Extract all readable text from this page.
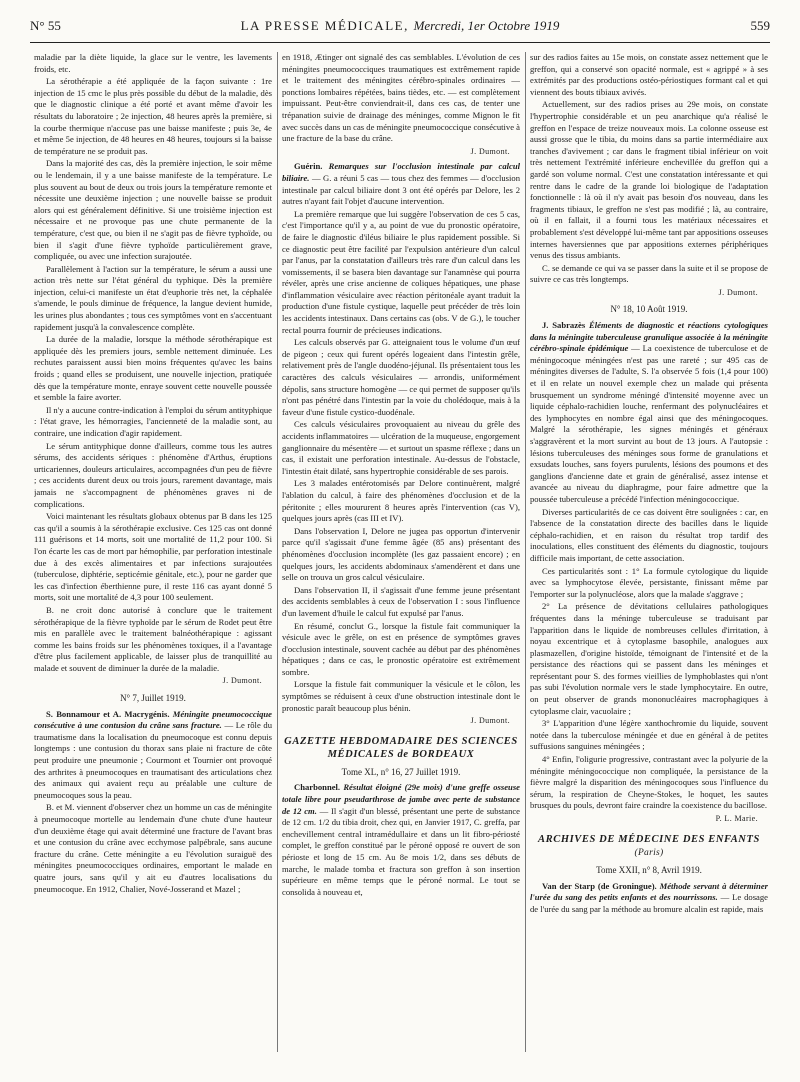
N° 55	LA PRESSE MÉDICALE, Mercredi, 1er Octobre 1919	559

maladie par la diète liquide, la glace sur le ventre, les lavements froids, etc.

La sérothérapie a été appliquée de la façon suivante : 1re injection de 15 cmc le plus près possible du début de la maladie, dès que le diagnostic clinique a été porté et avant même d'avoir les résultats du laboratoire ; 2e injection, 48 heures après la première, si la courbe thermique n'accuse pas une baisse manifeste ; puis 3e, 4e et même 5e injection, de 48 heures en 48 heures, toujours si la baisse de température ne se produit pas.

Dans la majorité des cas, dès la première injection, le soir même ou le lendemain, il y a une baisse manifeste de la température. Le plus souvent au bout de deux ou trois jours la température remonte et nécessite une deuxième injection ; une nouvelle baisse se produit alors qui est généralement définitive. Si une troisième injection est nécessaire et ne provoque pas une chute permanente de la température, c'est que, ou bien il ne s'agit pas de fièvre typhoïde, ou bien il s'agit d'une fièvre typhoïde particulièrement grave, compliquée, ou avec une infection surajoutée.

Parallèlement à l'action sur la température, le sérum a aussi une action très nette sur l'état général du typhique. Dès la première injection, celui-ci manifeste un état d'euphorie très net, la céphalée s'amende, le pouls diminue de fréquence, la langue devient humide, les urines plus abondantes ; tous ces symptômes vont en s'accentuant rapidement jusqu'à la convalescence complète.

La durée de la maladie, lorsque la méthode sérothérapique est appliquée dès les premiers jours, semble nettement diminuée. Les rechutes paraissent aussi bien moins fréquentes qu'avec les bains froids ; quand elles se produisent, une nouvelle injection, pratiquée dès que la température monte, enraye souvent cette nouvelle poussée et semble la faire avorter.

Il n'y a aucune contre-indication à l'emploi du sérum antityphique : l'état grave, les hémorragies, l'ancienneté de la maladie sont, au contraire, une indication d'agir rapidement.

Le sérum antityphique donne d'ailleurs, comme tous les autres sérums, des accidents sériques : phénomène d'Arthus, éruptions urticariennes, douleurs articulaires, accompagnées d'un peu de fièvre ; ces accidents durent deux ou trois jours, rarement davantage, mais jamais ne s'accompagnent de phénomènes graves ni de complications.

Voici maintenant les résultats globaux obtenus par B dans les 125 cas qu'il a soumis à la sérothérapie exclusive. Ces 125 cas ont donné 111 guérisons et 14 morts, soit une mortalité de 11,2 pour 100. Si l'on écarte les cas de mort par hémophilie, par perforation intestinale due à des excès alimentaires et par infections surajoutées (tuberculose, diphtérie, septicémie génitale, etc.), pour ne garder que les cas d'infection éberthienne pure, il reste 116 cas ayant donné 5 morts, soit une mortalité de 4,3 pour 100 seulement.

B. ne croit donc autorisé à conclure que le traitement sérothérapique de la fièvre typhoïde par le sérum de Rodet peut être mis en parallèle avec le traitement balnéothérapique : agissant comme les bains froids sur les phénomènes toxiques, il a l'avantage d'être plus facilement applicable, de laisser plus de tranquillité au malade et souvent de diminuer la durée de la maladie.

J. Dumont.
N° 7, Juillet 1919.

S. Bonnamour et A. Macrygénis. Méningite pneumococcique consécutive à une contusion du crâne sans fracture. — Le rôle du traumatisme dans la localisation du pneumocoque est connu depuis longtemps : une contusion du thorax sans plaie ni fracture de côte peut produire une pneumonie ; Courmont et Tournier ont provoqué des arthrites à pneumocoques en traumatisant des articulations chez des animaux qui avaient reçu au préalable une culture de pneumocoques sous la peau.

B. et M. viennent d'observer chez un homme un cas de méningite à pneumocoque mortelle au lendemain d'une chute d'une hauteur d'un deuxième étage qui avait déterminé une fracture de l'avant bras et une contusion du crâne avec ecchymose palpébrale, sans aucune fracture du crâne. Cette méningite a eu l'évolution suraiguë des méningites pneumococciques ordinaires, emportant le malade en quatre jours, sans qu'il y ait eu d'autres localisations du pneumocoque. En 1912, Chalier, Nové-Josserand et Mazel ;

en 1918, Ætinger ont signalé des cas semblables. L'évolution de ces méningites pneumococciques traumatiques est extrêmement rapide et le traitement des méningites cérébro-spinales ordinaires — ponctions lombaires répétées, bains tièdes, etc. — est complètement impuissant. Peut-être conviendrait-il, dans ces cas, de tenter une trépanation suivie de drainage des méninges, comme Mignon le fit avec succès dans un cas de méningite pneumococcique consécutive à une fracture de la base du crâne.

J. Dumont.

Guérin. Remarques sur l'occlusion intestinale par calcul biliaire. — G. a réuni 5 cas — tous chez des femmes — d'occlusion intestinale par calcul biliaire dont 3 ont été opérés par Delore, les 2 autres n'ayant fait l'objet d'aucune intervention.

La première remarque que lui suggère l'observation de ces 5 cas, c'est l'importance qu'il y a, au point de vue du pronostic opératoire, de faire le diagnostic d'iléus biliaire le plus rapidement possible. Si ce diagnostic peut être facilité par l'expulsion antérieure d'un calcul par l'anus, par la constatation d'ailleurs très rare d'un calcul dans les vomissements, il se basera bien davantage sur l'anamnèse qui pourra révéler, après une crise ancienne de coliques hépatiques, une phase d'inflammation vésiculaire avec réaction péritonéale ayant traduit la production d'une fistule cystique, laquelle peut précéder de très loin les accidents intestinaux. Dans certains cas (obs. V de G.), le toucher rectal pourra fournir de précieuses indications.

Les calculs observés par G. atteignaient tous le volume d'un œuf de pigeon ; ceux qui furent opérés logeaient dans l'intestin grêle, relativement près de l'angle duodéno-jéjunal. Ils présentaient tous les caractères des calculs vésiculaires — arrondis, uniformément dépolis, sans structure homogène — ce qui permet de supposer qu'ils n'ont pas pénétré dans l'intestin par la voie du cholédoque, mais à la faveur d'une fistule cystico-duodénale.

Ces calculs vésiculaires provoquaient au niveau du grêle des accidents inflammatoires — ulcération de la muqueuse, engorgement ganglionnaire du mésentère — et surtout un spasme réflexe ; dans un cas, il existait une perforation intestinale. Au-dessus de l'obstacle, l'intestin était dilaté, sans hypertrophie considérable de ses parois.

Les 3 malades entérotomisés par Delore continuèrent, malgré l'ablation du calcul, à faire des phénomènes d'occlusion et de la péritonite ; elles moururent 8 heures après l'intervention (cas V), quelques jours après (cas III et IV).

Dans l'observation I, Delore ne jugea pas opportun d'intervenir parce qu'il s'agissait d'une femme âgée (85 ans) présentant des phénomènes d'occlusion incomplète (les gaz passaient encore) ; en quelques jours, les accidents abdominaux s'amendèrent et dans une selle on trouva un gros calcul vésiculaire.

Dans l'observation II, il s'agissait d'une femme jeune présentant des accidents semblables à ceux de l'observation I : sous l'influence d'un lavement d'huile le calcul fut expulsé par l'anus.

En résumé, conclut G., lorsque la fistule fait communiquer la vésicule avec le grêle, on est en présence de symptômes graves d'occlusion intestinale, souvent cachée au début par des phénomènes hépatiques ; dans ce cas, le pronostic opératoire est extrêmement sombre.

Lorsque la fistule fait communiquer la vésicule et le côlon, les symptômes se réduisent à ceux d'une obstruction intestinale dont le pronostic paraît beaucoup plus bénin.

J. Dumont.
GAZETTE HEBDOMADAIRE DES SCIENCES MÉDICALES de BORDEAUX
Tome XL, n° 16, 27 Juillet 1919.

Charbonnel. Résultat éloigné (29e mois) d'une greffe osseuse totale libre pour pseudarthrose de jambe avec perte de substance de 12 cm. — Il s'agit d'un blessé, présentant une perte de substance de 12 cm. 1/2 du tibia droit, chez qui, en Janvier 1917, C. greffa, par enchevillement central intramédullaire et dans un lit fibro-périosté complet, le greffon constitué par le péroné opposé re ouvert de son périoste et long de 15 cm. Au 8e mois 1/2, dans ses débuts de marche, le malade tomba et fractura son greffon à son insertion supérieure en même temps que le péroné normal. Le tout se consolida à nouveau et,

sur des radios faites au 15e mois, on constate assez nettement que le greffon, qui a conservé son opacité normale, est « agrippé » à ses extrémités par des productions ostéo-périostiques formant cal et qui viennent des bouts tibiaux avivés.

Actuellement, sur des radios prises au 29e mois, on constate l'hypertrophie considérable et un peu anarchique qu'a réalisé le greffon en l'espace de treize nouveaux mois. La colonne osseuse est aussi grosse que le tibia, du moins dans sa partie intermédiaire aux tranches d'avivement ; car dans le fragment tibial inférieur on voit très nettement l'extrémité inférieure enchevillée du greffon qui a gardé son volume normal. C'est une constatation intéressante et qui rentre dans le cadre de la grande loi biologique de l'adaptation fonctionnelle : là où il n'y avait pas besoin d'os nouveau, dans les fragments tibiaux, le greffon ne s'est pas modifié ; là, au contraire, où il en fallait, il a fourni tous les matériaux nécessaires et probablement s'est développé lui-même tant par appositions osseuses internes haversiennes que par appositions externes périphériques venus des tissus ambiants.

C. se demande ce qui va se passer dans la suite et il se propose de suivre ce cas très longtemps.

J. Dumont.
N° 18, 10 Août 1919.

J. Sabrazès Éléments de diagnostic et réactions cytologiques dans la méningite tuberculeuse granulique associée à la méningite cérébro-spinale épidémique — La coexistence de tuberculose et de méningocoque méningées n'est pas une rareté ; sur 495 cas de méningites diverses de l'adulte, S. l'a observée 5 fois (1,4 pour 100) et il en relate un nouvel exemple chez un malade qui présenta brusquement un syndrome méningé d'intensité moyenne avec un liquide céphalo-rachidien louche, renfermant des polynucléaires et des lymphocytes en nombre égal ainsi que des méningocoques. Malgré la sérothérapie, les signes méningés et généraux s'aggravèrent et la mort survint au bout de 13 jours. A l'autopsie : lésions tuberculeuses des méninges sous forme de granulations et exsudats louches, sans foyers purulents, lésions des poumons et des ganglions d'ancienne date et grain de généralisé, assez intense et avancée au niveau du diaphragme, pour faire admettre que la poussée tuberculeuse a précédé l'infection méningococcique.

Diverses particularités de ce cas doivent être soulignées : car, en l'absence de la constatation directe des bacilles dans le liquide céphalo-rachidien, et en raison du résultat trop tardif des inoculations, elles constituent des éléments du diagnostic, toujours difficile mais important, de cette association.

Ces particularités sont : 1° La formule cytologique du liquide avec sa lymphocytose élevée, persistante, finissant même par l'emporter sur la polynucléose, alors que la malade s'aggrave ;

2° La présence de dévitations cellulaires pathologiques fréquentes dans la méninge tuberculeuse se traduisant par l'apparition dans le liquide de nombreuses cellules d'irritation, à noyau excentrique et à cytoplasme basophile, analogues aux plasmazellen, d'origine histoïde, témoignant de l'intensité et de la persistance des réactions qui se passent dans les méninges et représentant pour S. des formes vieillies de lymphoblastes qui n'ont pas subi l'évolution normale vers le stade lymphocytaire. En outre, on peut observer de grands mononucléaires macrophagiques à cytoplasme clair, vacuolaire ;

3° L'apparition d'une légère xanthochromie du liquide, souvent notée dans la tuberculose méningée et due en général à de petites suffusions sanguines méningées ;

4° Enfin, l'oligurie progressive, contrastant avec la polyurie de la méningite méningococcique non compliquée, la persistance de la fièvre malgré la disparition des méningocoques sous l'influence du sérum, la respiration de Cheyne-Stokes, le hoquet, les sautes brusques du pouls, devront faire craindre la coexistence du bacillose.

P. L. Marie.
ARCHIVES DE MÉDECINE DES ENFANTS
(Paris)
Tome XXII, n° 8, Avril 1919.

Van der Starp (de Groningue). Méthode servant à déterminer l'urée du sang des petits enfants et des nourrissons. — Le dosage de l'urée du sang par la méthode au bromure alcalin est rapide, mais
